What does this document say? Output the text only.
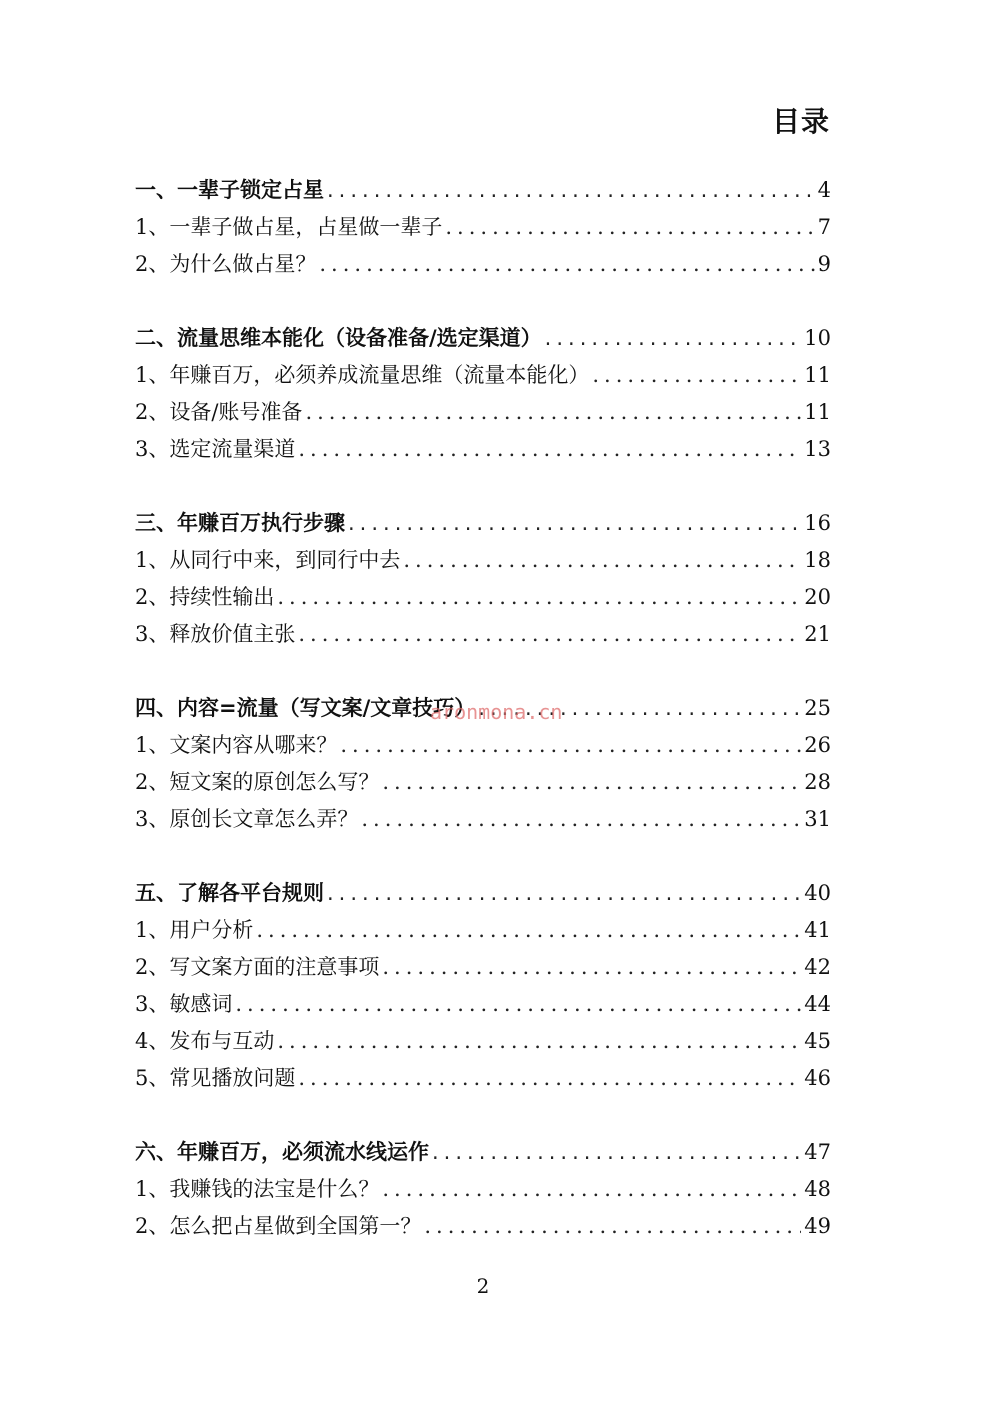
目录
一、一辈子锁定占星 .....	4
1、一辈子做占星，占星做一辈子 .....	7
2、为什么做占星？ .....	9
二、流量思维本能化（设备准备/选定渠道） .....	10
1、年赚百万，必须养成流量思维（流量本能化） .....	11
2、设备/账号准备 .....	11
3、选定流量渠道 .....	13
三、年赚百万执行步骤 .....	16
1、从同行中来，到同行中去 .....	18
2、持续性输出 .....	20
3、释放价值主张 .....	21
四、内容=流量（写文案/文章技巧） .....	25
1、文案内容从哪来？ .....	26
2、短文案的原创怎么写？ .....	28
3、原创长文章怎么弄？ .....	31
五、了解各平台规则 .....	40
1、用户分析 .....	41
2、写文案方面的注意事项 .....	42
3、敏感词 .....	44
4、发布与互动 .....	45
5、常见播放问题 .....	46
六、年赚百万，必须流水线运作 .....	47
1、我赚钱的法宝是什么？ .....	48
2、怎么把占星做到全国第一？ .....	49
aronmona.cn
2
